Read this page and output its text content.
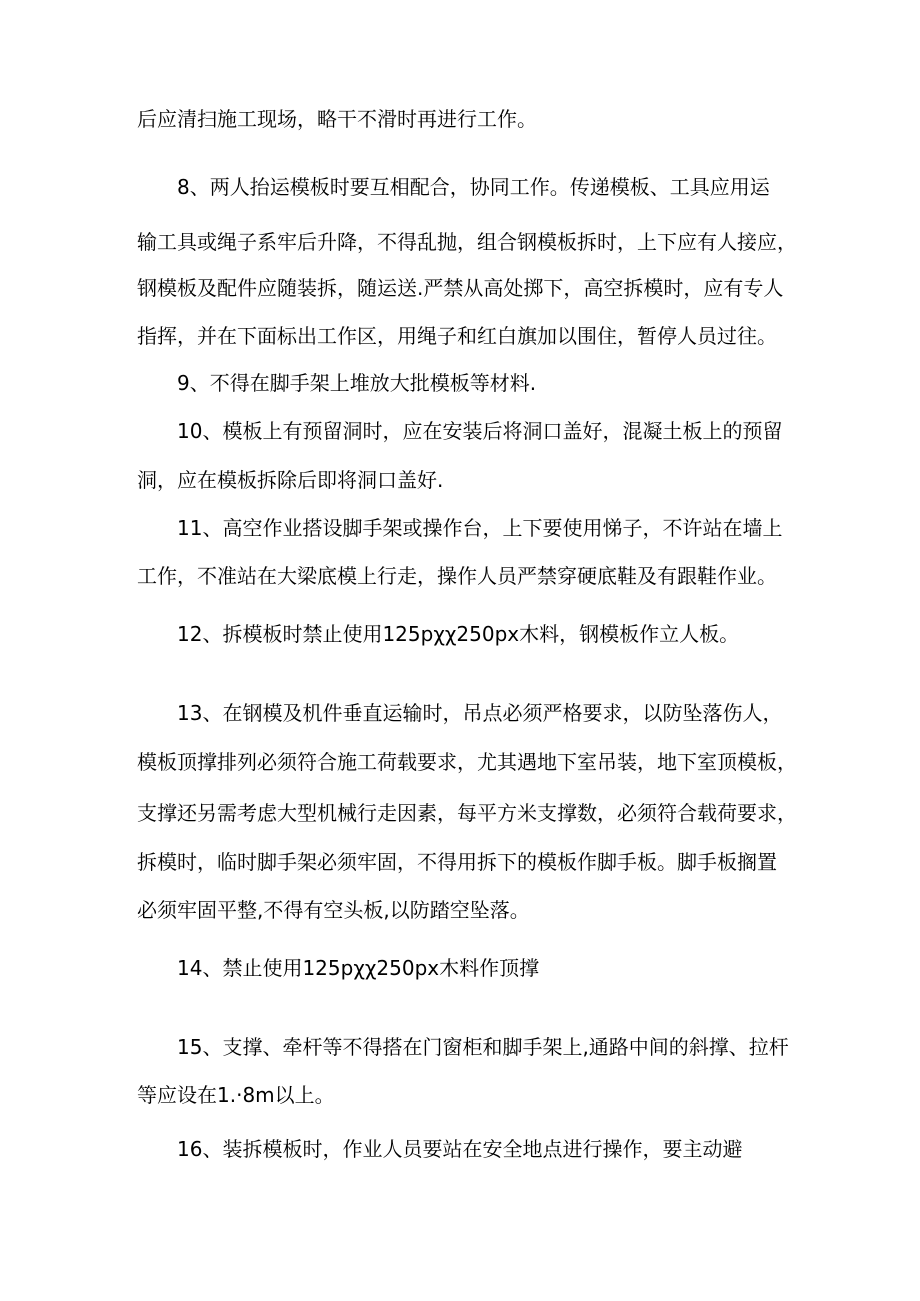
后应清扫施工现场，略干不滑时再进行工作。
8、两人抬运模板时要互相配合，协同工作。传递模板、工具应用运
输工具或绳子系牢后升降，不得乱抛，组合钢模板拆时，上下应有人接应，
钢模板及配件应随装拆，随运送.严禁从高处掷下，高空拆模时，应有专人
指挥，并在下面标出工作区，用绳子和红白旗加以围住，暂停人员过往。
9、不得在脚手架上堆放大批模板等材料.
10、模板上有预留洞时，应在安装后将洞口盖好，混凝土板上的预留
洞，应在模板拆除后即将洞口盖好.
11、高空作业搭设脚手架或操作台，上下要使用悌子，不许站在墙上
工作，不准站在大梁底模上行走，操作人员严禁穿硬底鞋及有跟鞋作业。
12、拆模板时禁止使用125pχχ250px木料，钢模板作立人板。
13、在钢模及机件垂直运输时，吊点必须严格要求，以防坠落伤人，
模板顶撑排列必须符合施工荷载要求，尤其遇地下室吊装，地下室顶模板，
支撑还另需考虑大型机械行走因素，每平方米支撑数，必须符合载荷要求，
拆模时，临时脚手架必须牢固，不得用拆下的模板作脚手板。脚手板搁置
必须牢固平整,不得有空头板,以防踏空坠落。
14、禁止使用125pχχ250px木料作顶撑
15、支撑、牵杆等不得搭在门窗柜和脚手架上,通路中间的斜撑、拉杆
等应设在1.·8m以上。
16、装拆模板时，作业人员要站在安全地点进行操作，要主动避
